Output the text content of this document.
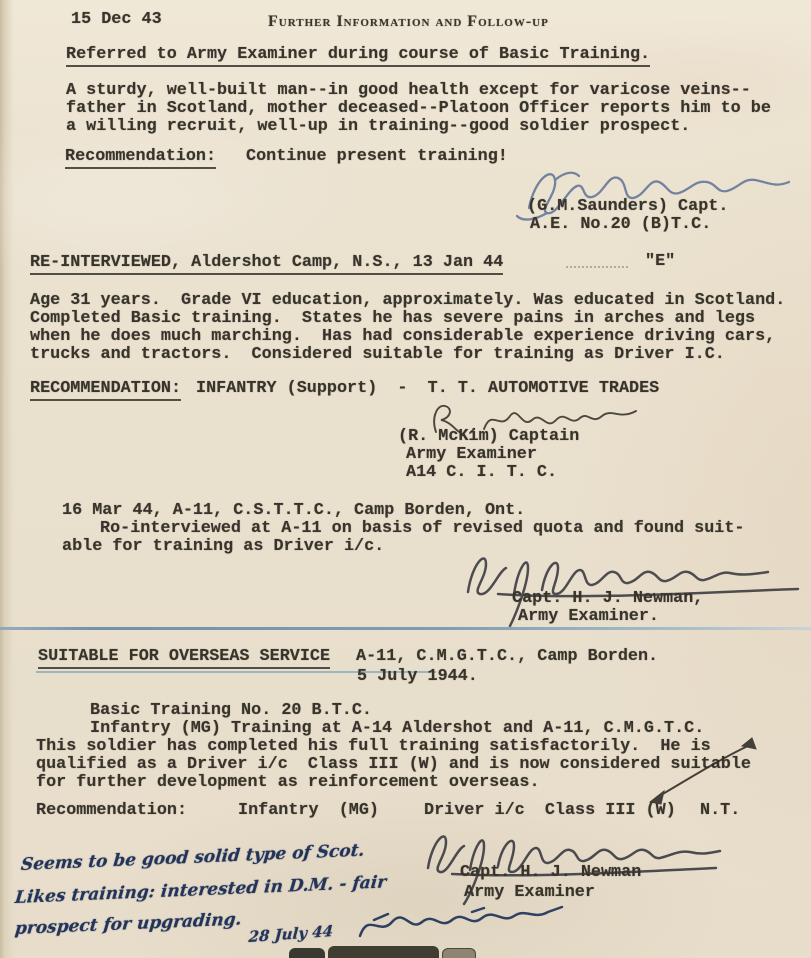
15 Dec 43	Further Information and Follow-up
Referred to Army Examiner during course of Basic Training.
A sturdy, well-built man--in good health except for varicose veins--
father in Scotland, mother deceased--Platoon Officer reports him to be
a willing recruit, well-up in training--good soldier prospect.
Recommendation: Continue present training!
(G.M.Saunders) Capt.
A.E. No.20 (B)T.C.
RE-INTERVIEWED, Aldershot Camp, N.S., 13 Jan 44	"E"
Age 31 years.  Grade VI education, approximately. Was educated in Scotland.
Completed Basic training.  States he has severe pains in arches and legs
when he does much marching.  Has had considerable experience driving cars,
trucks and tractors.  Considered suitable for training as Driver I.C.
RECOMMENDATION: INFANTRY (Support)  -  T. T. AUTOMOTIVE TRADES
(R. McKim) Captain
Army Examiner
A14 C. I. T. C.
16 Mar 44, A-11, C.S.T.T.C., Camp Borden, Ont.
Ro-interviewed at A-11 on basis of revised quota and found suit-
able for training as Driver i/c.
Capt. H. J. Newman,
Army Examiner.
SUITABLE FOR OVERSEAS SERVICE A-11, C.M.G.T.C., Camp Borden.
5 July 1944.
Basic Training No. 20 B.T.C.
Infantry (MG) Training at A-14 Aldershot and A-11, C.M.G.T.C.
This soldier has completed his full training satisfactorily.  He is
qualified as a Driver i/c  Class III (W) and is now considered suitable
for further development as reinforcement overseas.
Recommendation:	Infantry  (MG)	Driver i/c  Class III (W) N.T.
Capt. H. J. Newman
Army Examiner
Seems to be good solid type of Scot.
Likes training: interested in D.M. - fair
prospect for upgrading. 28 July 44
